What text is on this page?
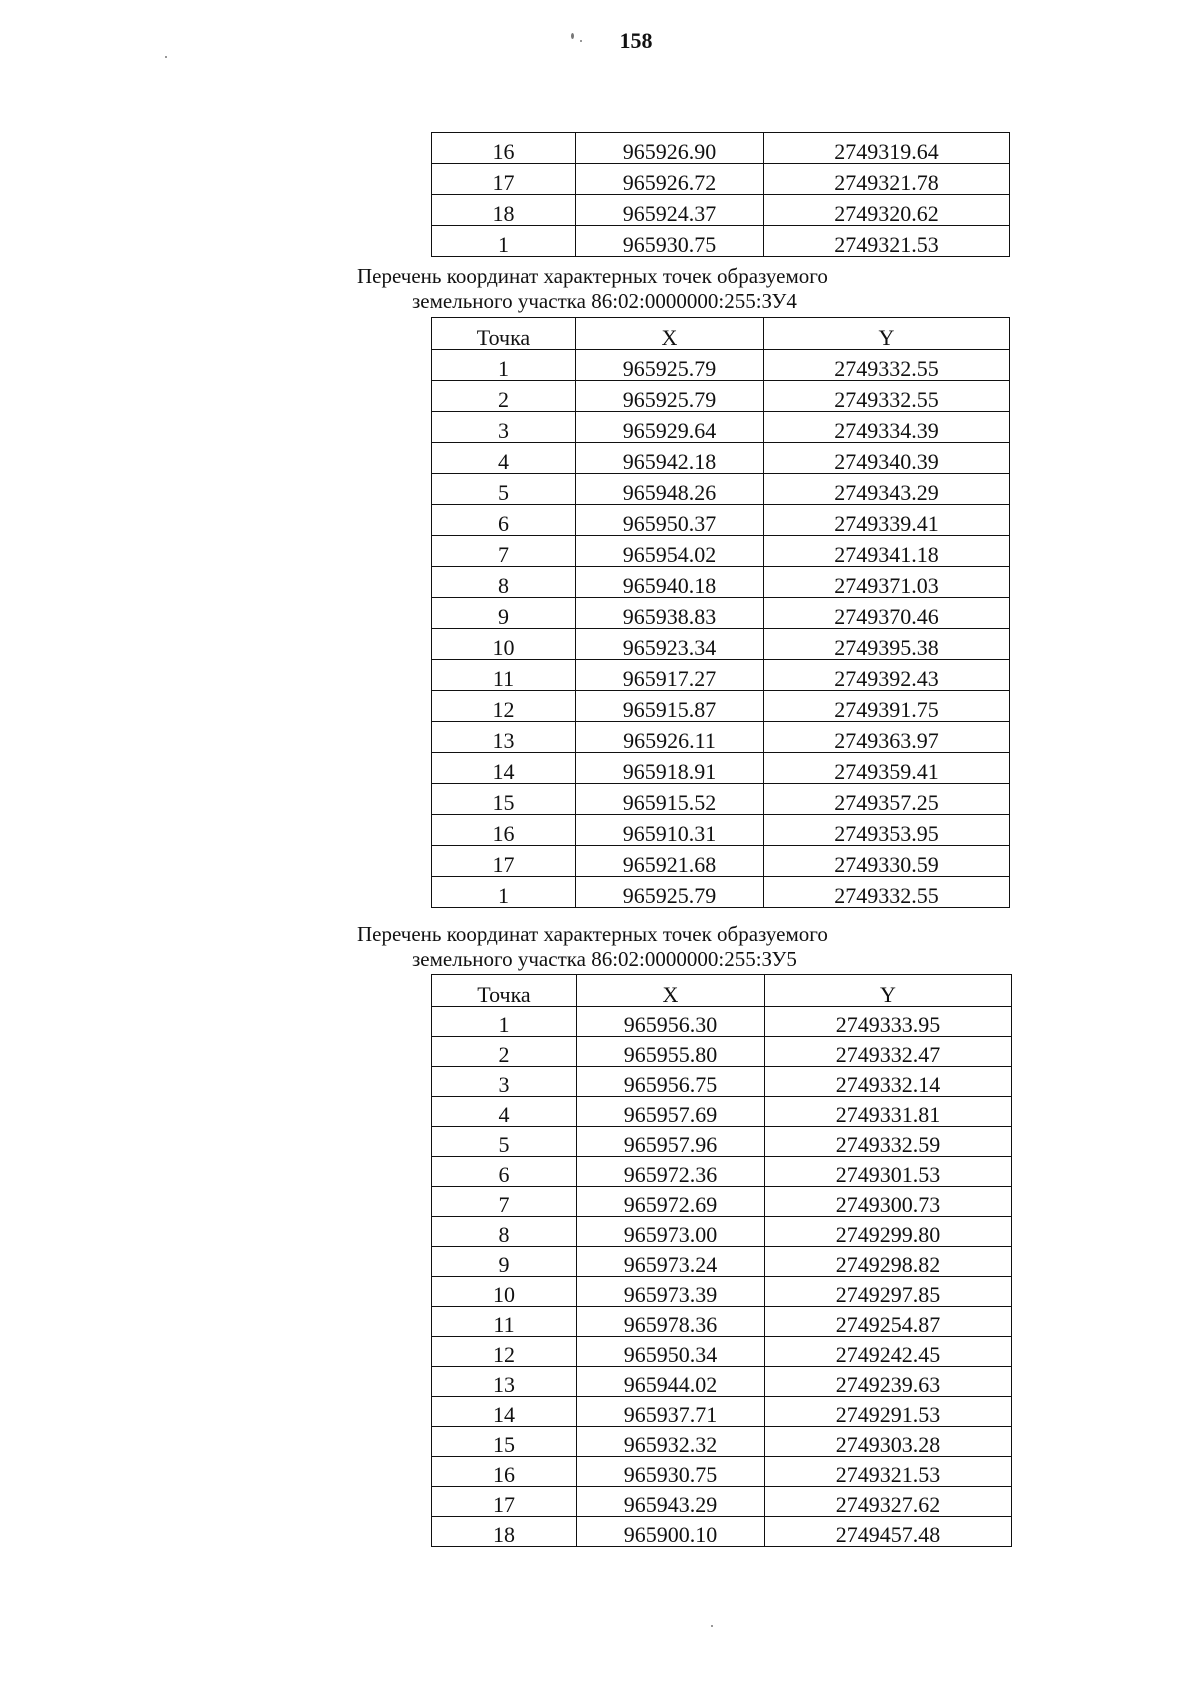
158
16	965926.90	2749319.64
17	965926.72	2749321.78
18	965924.37	2749320.62
1	965930.75	2749321.53
Перечень координат характерных точек образуемого
земельного участка 86:02:0000000:255:ЗУ4
Точка	X	Y
1	965925.79	2749332.55
2	965925.79	2749332.55
3	965929.64	2749334.39
4	965942.18	2749340.39
5	965948.26	2749343.29
6	965950.37	2749339.41
7	965954.02	2749341.18
8	965940.18	2749371.03
9	965938.83	2749370.46
10	965923.34	2749395.38
11	965917.27	2749392.43
12	965915.87	2749391.75
13	965926.11	2749363.97
14	965918.91	2749359.41
15	965915.52	2749357.25
16	965910.31	2749353.95
17	965921.68	2749330.59
1	965925.79	2749332.55
Перечень координат характерных точек образуемого
земельного участка 86:02:0000000:255:ЗУ5
Точка	X	Y
1	965956.30	2749333.95
2	965955.80	2749332.47
3	965956.75	2749332.14
4	965957.69	2749331.81
5	965957.96	2749332.59
6	965972.36	2749301.53
7	965972.69	2749300.73
8	965973.00	2749299.80
9	965973.24	2749298.82
10	965973.39	2749297.85
11	965978.36	2749254.87
12	965950.34	2749242.45
13	965944.02	2749239.63
14	965937.71	2749291.53
15	965932.32	2749303.28
16	965930.75	2749321.53
17	965943.29	2749327.62
18	965900.10	2749457.48
